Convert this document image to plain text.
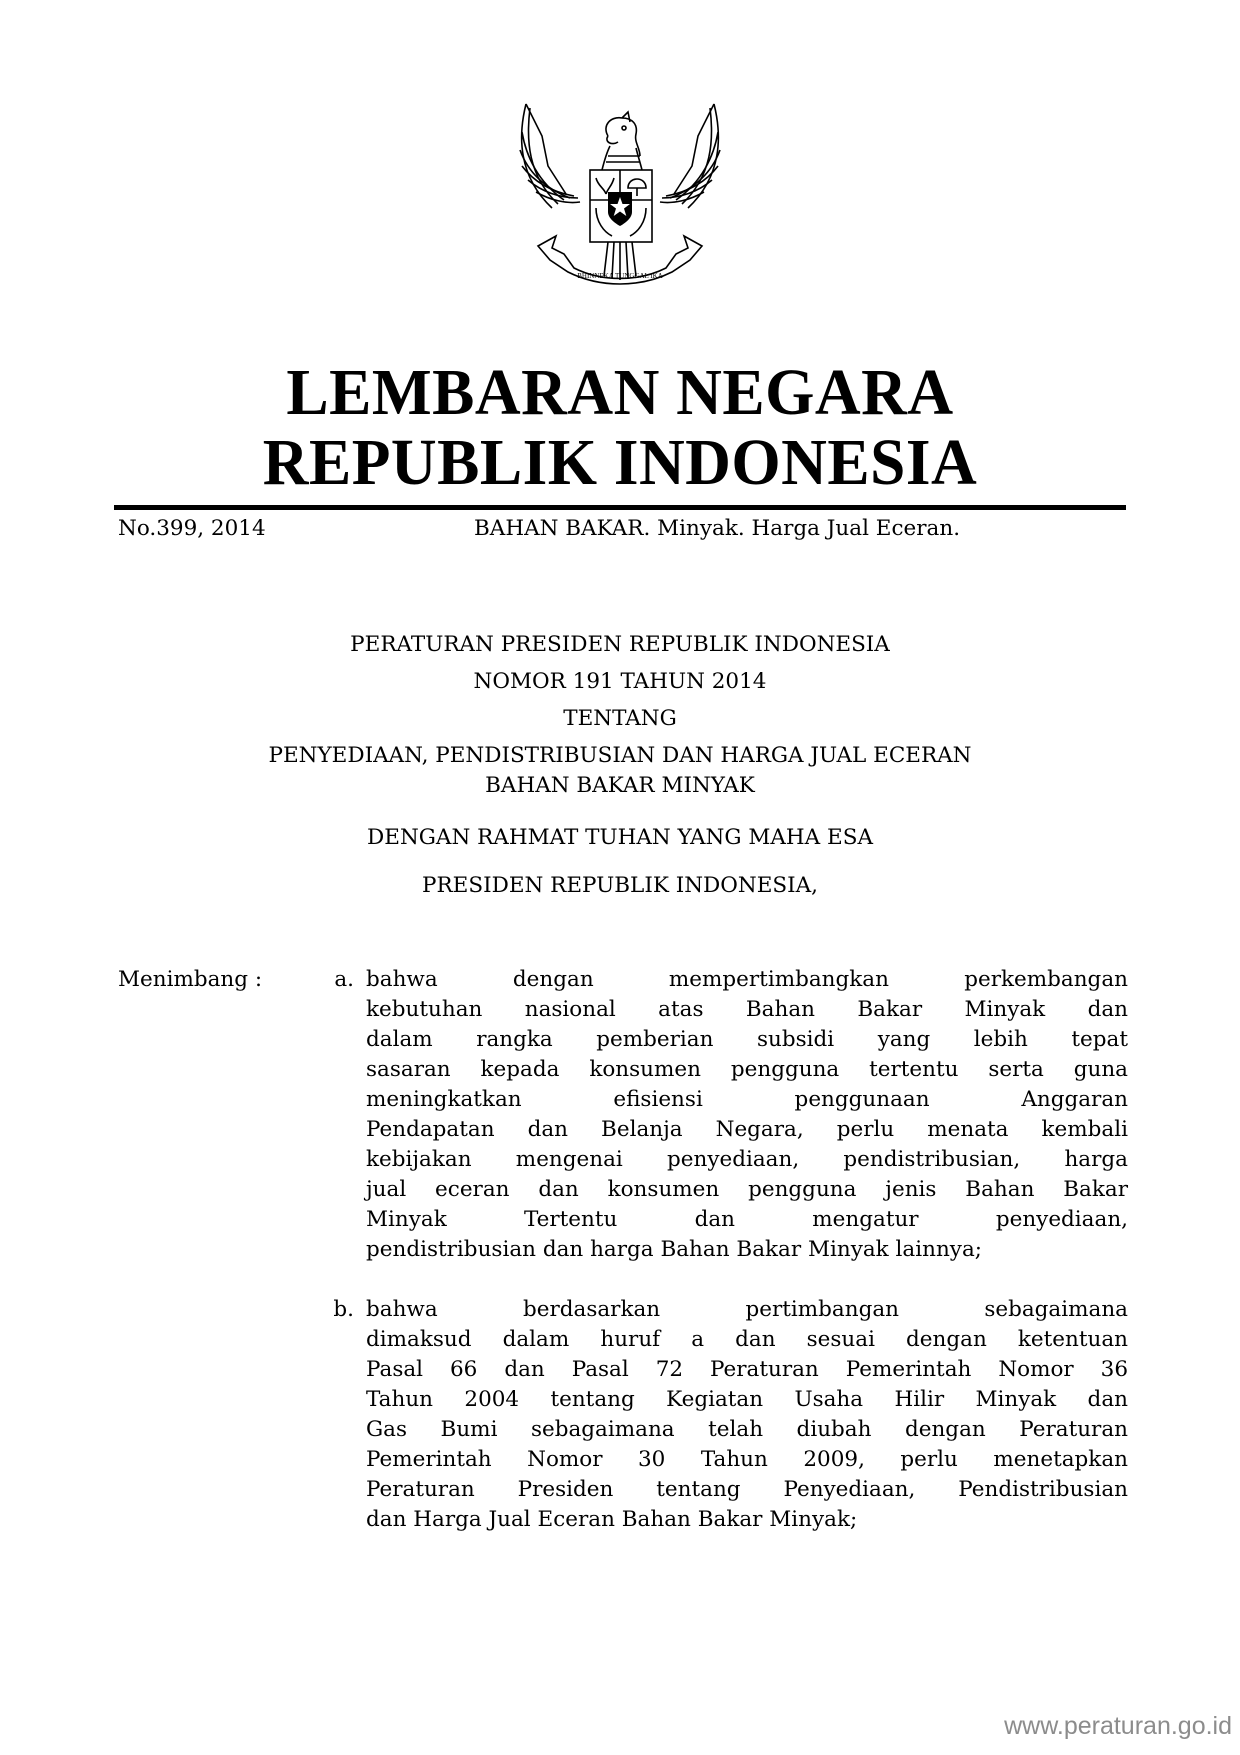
BHINNEKA TUNGGAL IKA
LEMBARAN NEGARA
REPUBLIK INDONESIA
No.399, 2014	BAHAN BAKAR. Minyak. Harga Jual Eceran.
PERATURAN PRESIDEN REPUBLIK INDONESIA
NOMOR 191 TAHUN 2014
TENTANG
PENYEDIAAN, PENDISTRIBUSIAN DAN HARGA JUAL ECERAN
BAHAN BAKAR MINYAK
DENGAN RAHMAT TUHAN YANG MAHA ESA
PRESIDEN REPUBLIK INDONESIA,
Menimbang :	a. bahwa dengan mempertimbangkan perkembangan
kebutuhan nasional atas Bahan Bakar Minyak dan
dalam rangka pemberian subsidi yang lebih tepat
sasaran kepada konsumen pengguna tertentu serta guna
meningkatkan efisiensi penggunaan Anggaran
Pendapatan dan Belanja Negara, perlu menata kembali
kebijakan mengenai penyediaan, pendistribusian, harga
jual eceran dan konsumen pengguna jenis Bahan Bakar
Minyak Tertentu dan mengatur penyediaan,
pendistribusian dan harga Bahan Bakar Minyak lainnya;
b. bahwa berdasarkan pertimbangan sebagaimana
dimaksud dalam huruf a dan sesuai dengan ketentuan
Pasal 66 dan Pasal 72 Peraturan Pemerintah Nomor 36
Tahun 2004 tentang Kegiatan Usaha Hilir Minyak dan
Gas Bumi sebagaimana telah diubah dengan Peraturan
Pemerintah Nomor 30 Tahun 2009, perlu menetapkan
Peraturan Presiden tentang Penyediaan, Pendistribusian
dan Harga Jual Eceran Bahan Bakar Minyak;
www.peraturan.go.id
